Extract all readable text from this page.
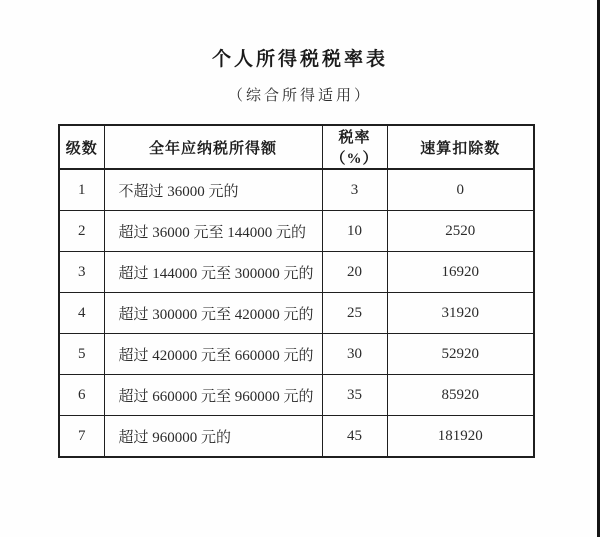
个人所得税税率表
（综合所得适用）
级数	全年应纳税所得额	税率（%）	速算扣除数
1	不超过 36000 元的	3	0
2	超过 36000 元至 144000 元的	10	2520
3	超过 144000 元至 300000 元的	20	16920
4	超过 300000 元至 420000 元的	25	31920
5	超过 420000 元至 660000 元的	30	52920
6	超过 660000 元至 960000 元的	35	85920
7	超过 960000 元的	45	181920
